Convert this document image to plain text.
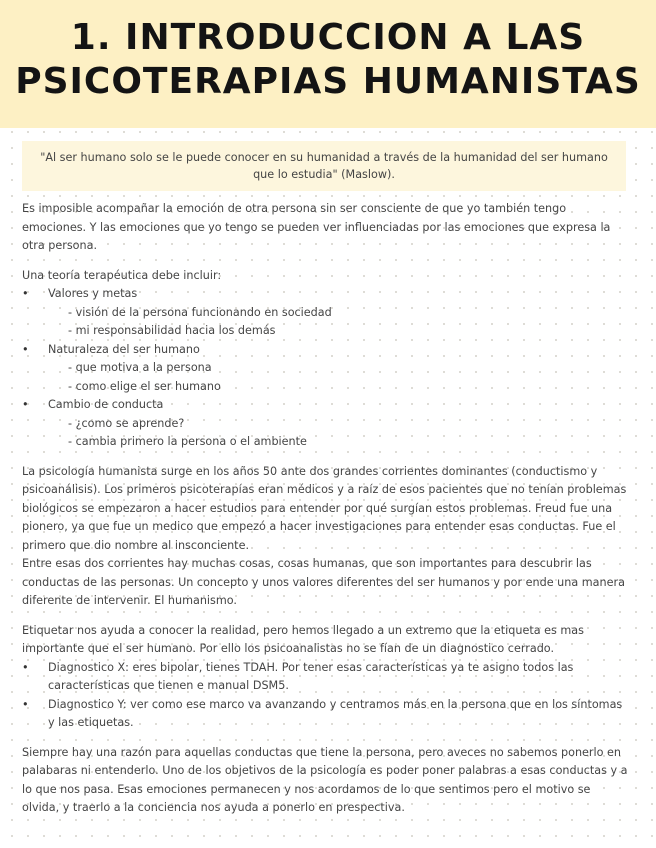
1. INTRODUCCION A LAS
PSICOTERAPIAS HUMANISTAS
"Al ser humano solo se le puede conocer en su humanidad a través de la humanidad del ser humano que lo estudia" (Maslow).

Es imposible acompañar la emoción de otra persona sin ser consciente de que yo también tengo emociones. Y las emociones que yo tengo se pueden ver influenciadas por las emociones que expresa la otra persona.

Una teoría terapéutica debe incluir:

• Valores y metas
- visión de la persona funcionando en sociedad
- mi responsabilidad hacia los demás
• Naturaleza del ser humano
- que motiva a la persona
- como elige el ser humano
• Cambio de conducta
- ¿como se aprende?
- cambia primero la persona o el ambiente

La psicología humanista surge en los años 50 ante dos grandes corrientes dominantes (conductismo y psicoanálisis). Los primeros psicoterapías eran médicos y a raíz de esos pacientes que no tenían problemas biológicos se empezaron a hacer estudios para entender por qué surgían estos problemas. Freud fue una pionero, ya que fue un medico que empezó a hacer investigaciones para entender esas conductas. Fue el primero que dio nombre al insconciente.

Entre esas dos corrientes hay muchas cosas, cosas humanas, que son importantes para descubrir las conductas de las personas. Un concepto y unos valores diferentes del ser humanos y por ende una manera diferente de intervenir. El humanismo.

Etiquetar nos ayuda a conocer la realidad, pero hemos llegado a un extremo que la etiqueta es mas importante que el ser humano. Por ello los psicoanalistas no se fían de un diagnostico cerrado.

• Diagnostico X: eres bipolar, tienes TDAH. Por tener esas características ya te asigno todos las características que tienen e manual DSM5.
• Diagnostico Y: ver como ese marco va avanzando y centramos más en la persona que en los síntomas y las etiquetas.

Siempre hay una razón para aquellas conductas que tiene la persona, pero aveces no sabemos ponerlo en palabaras ni entenderlo. Uno de los objetivos de la psicología es poder poner palabras a esas conductas y a lo que nos pasa. Esas emociones permanecen y nos acordamos de lo que sentimos pero el motivo se olvida, y traerlo a la conciencia nos ayuda a ponerlo en prespectiva.
